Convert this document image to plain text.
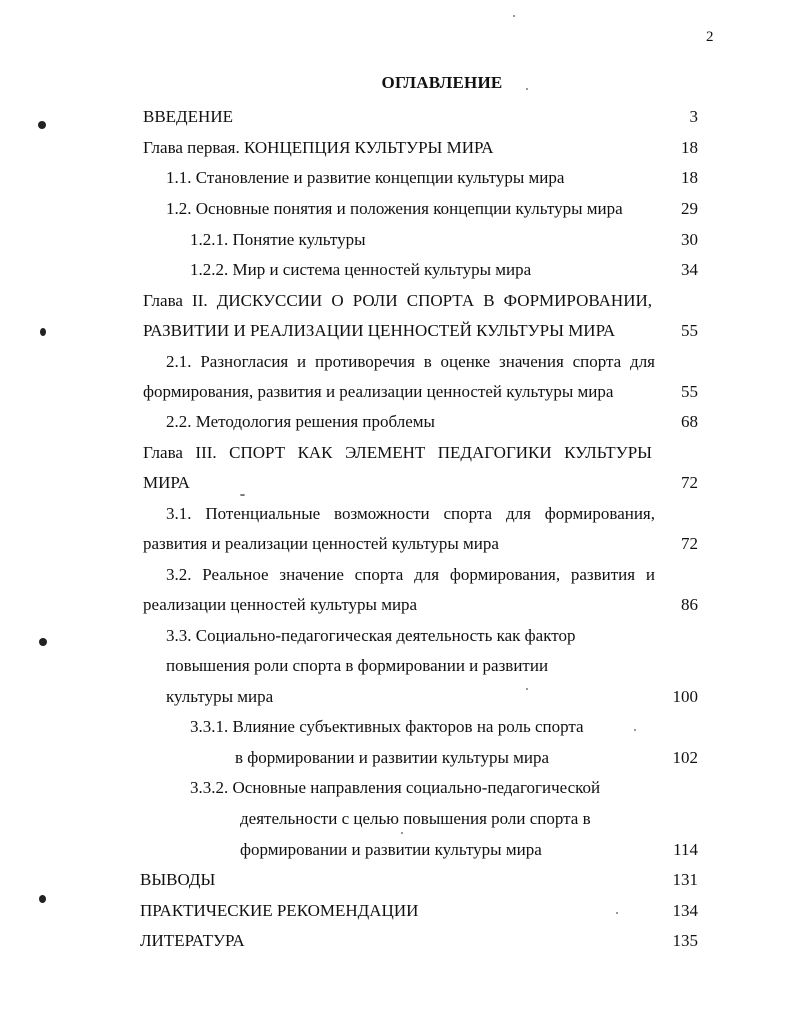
2
ОГЛАВЛЕНИЕ
ВВЕДЕНИЕ	3
Глава первая. КОНЦЕПЦИЯ КУЛЬТУРЫ МИРА	18
1.1. Становление и развитие концепции культуры мира	18
1.2. Основные понятия и положения концепции культуры мира	29
1.2.1. Понятие культуры	30
1.2.2. Мир и система ценностей культуры мира	34
Глава II. ДИСКУССИИ О РОЛИ СПОРТА В ФОРМИРОВАНИИ,
РАЗВИТИИ И РЕАЛИЗАЦИИ ЦЕННОСТЕЙ КУЛЬТУРЫ МИРА	55
2.1. Разногласия и противоречия в оценке значения спорта для
формирования, развития и реализации ценностей культуры мира	55
2.2. Методология решения проблемы	68
Глава III. СПОРТ КАК ЭЛЕМЕНТ ПЕДАГОГИКИ КУЛЬТУРЫ
МИРА	72
3.1. Потенциальные возможности спорта для формирования,
развития и реализации ценностей культуры мира	72
3.2. Реальное значение спорта для формирования, развития и
реализации ценностей культуры мира	86
3.3. Социально-педагогическая деятельность как фактор
повышения роли спорта в формировании и развитии
культуры мира	100
3.3.1. Влияние субъективных факторов на роль спорта
в формировании и развитии культуры мира	102
3.3.2. Основные направления социально-педагогической
деятельности с целью повышения роли спорта в
формировании и развитии культуры мира	114
ВЫВОДЫ	131
ПРАКТИЧЕСКИЕ РЕКОМЕНДАЦИИ	134
ЛИТЕРАТУРА	135
